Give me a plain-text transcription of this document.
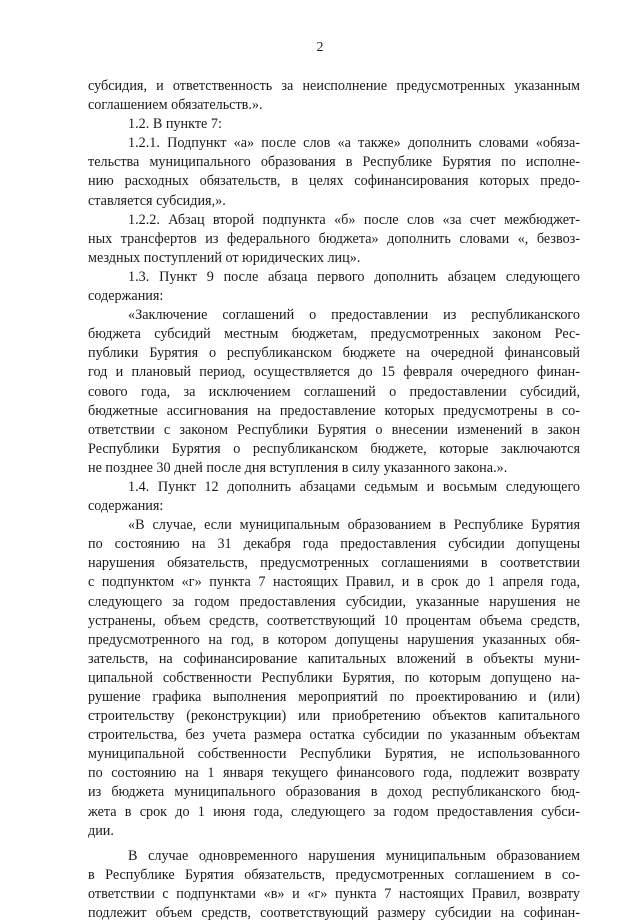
2
субсидия, и ответственность за неисполнение предусмотренных указанным
соглашением обязательств.».
1.2. В пункте 7:
1.2.1. Подпункт «а» после слов «а также» дополнить словами «обяза-
тельства муниципального образования в Республике Бурятия по исполне-
нию расходных обязательств, в целях софинансирования которых предо-
ставляется субсидия,».
1.2.2. Абзац второй подпункта «б» после слов «за счет межбюджет-
ных трансфертов из федерального бюджета» дополнить словами «, безвоз-
мездных поступлений от юридических лиц».
1.3. Пункт 9 после абзаца первого дополнить абзацем следующего
содержания:
«Заключение соглашений о предоставлении из республиканского
бюджета субсидий местным бюджетам, предусмотренных законом Рес-
публики Бурятия о республиканском бюджете на очередной финансовый
год и плановый период, осуществляется до 15 февраля очередного финан-
сового года, за исключением соглашений о предоставлении субсидий,
бюджетные ассигнования на предоставление которых предусмотрены в со-
ответствии с законом Республики Бурятия о внесении изменений в закон
Республики Бурятия о республиканском бюджете, которые заключаются
не позднее 30 дней после дня вступления в силу указанного закона.».
1.4. Пункт 12 дополнить абзацами седьмым и восьмым следующего
содержания:
«В случае, если муниципальным образованием в Республике Бурятия
по состоянию на 31 декабря года предоставления субсидии допущены
нарушения обязательств, предусмотренных соглашениями в соответствии
с подпунктом «г» пункта 7 настоящих Правил, и в срок до 1 апреля года,
следующего за годом предоставления субсидии, указанные нарушения не
устранены, объем средств, соответствующий 10 процентам объема средств,
предусмотренного на год, в котором допущены нарушения указанных обя-
зательств, на софинансирование капитальных вложений в объекты муни-
ципальной собственности Республики Бурятия, по которым допущено на-
рушение графика выполнения мероприятий по проектированию и (или)
строительству (реконструкции) или приобретению объектов капитального
строительства, без учета размера остатка субсидии по указанным объектам
муниципальной собственности Республики Бурятия, не использованного
по состоянию на 1 января текущего финансового года, подлежит возврату
из бюджета муниципального образования в доход республиканского бюд-
жета в срок до 1 июня года, следующего за годом предоставления субси-
дии.
В случае одновременного нарушения муниципальным образованием
в Республике Бурятия обязательств, предусмотренных соглашением в со-
ответствии с подпунктами «в» и «г» пункта 7 настоящих Правил, возврату
подлежит объем средств, соответствующий размеру субсидии на софинан-
